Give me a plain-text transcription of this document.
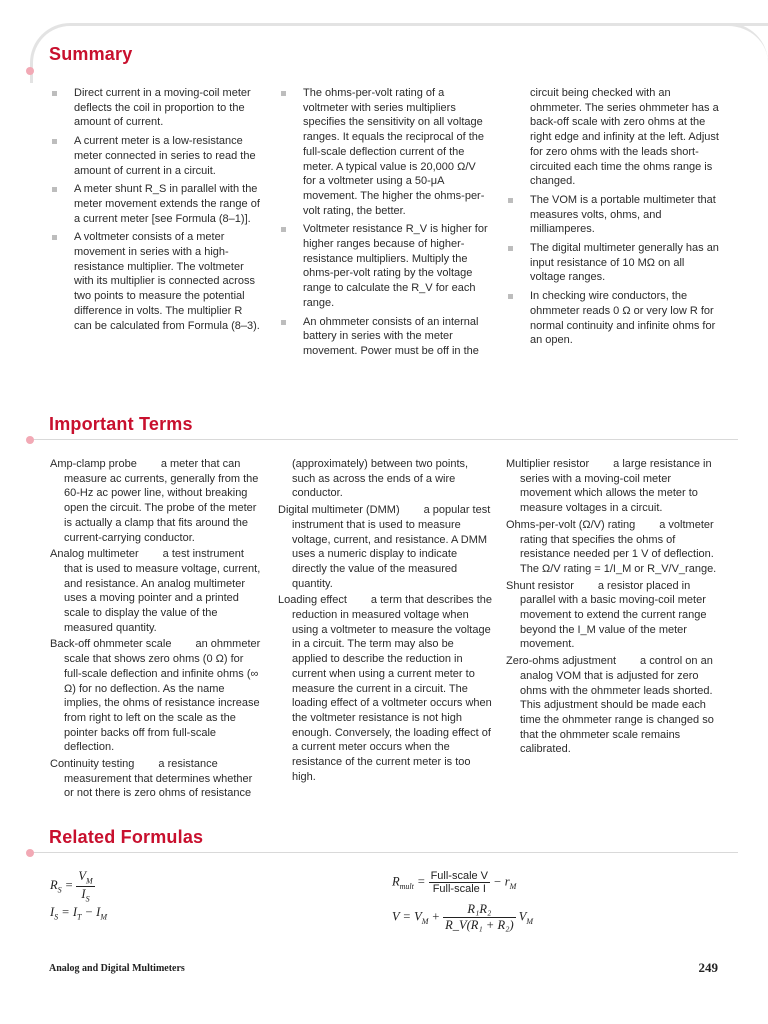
Summary
Direct current in a moving-coil meter deflects the coil in proportion to the amount of current.
A current meter is a low-resistance meter connected in series to read the amount of current in a circuit.
A meter shunt R_S in parallel with the meter movement extends the range of a current meter [see Formula (8–1)].
A voltmeter consists of a meter movement in series with a high-resistance multiplier. The voltmeter with its multiplier is connected across two points to measure the potential difference in volts. The multiplier R can be calculated from Formula (8–3).
The ohms-per-volt rating of a voltmeter with series multipliers specifies the sensitivity on all voltage ranges. It equals the reciprocal of the full-scale deflection current of the meter. A typical value is 20,000 Ω/V for a voltmeter using a 50-μA movement. The higher the ohms-per-volt rating, the better.
Voltmeter resistance R_V is higher for higher ranges because of higher-resistance multipliers. Multiply the ohms-per-volt rating by the voltage range to calculate the R_V for each range.
An ohmmeter consists of an internal battery in series with the meter movement. Power must be off in the
circuit being checked with an ohmmeter. The series ohmmeter has a back-off scale with zero ohms at the right edge and infinity at the left. Adjust for zero ohms with the leads short-circuited each time the ohms range is changed.
The VOM is a portable multimeter that measures volts, ohms, and milliamperes.
The digital multimeter generally has an input resistance of 10 MΩ on all voltage ranges.
In checking wire conductors, the ohmmeter reads 0 Ω or very low R for normal continuity and infinite ohms for an open.
Important Terms
Amp-clamp probe a meter that can measure ac currents, generally from the 60-Hz ac power line, without breaking open the circuit. The probe of the meter is actually a clamp that fits around the current-carrying conductor.
Analog multimeter a test instrument that is used to measure voltage, current, and resistance. An analog multimeter uses a moving pointer and a printed scale to display the value of the measured quantity.
Back-off ohmmeter scale an ohmmeter scale that shows zero ohms (0 Ω) for full-scale deflection and infinite ohms (∞ Ω) for no deflection. As the name implies, the ohms of resistance increase from right to left on the scale as the pointer backs off from full-scale deflection.
Continuity testing a resistance measurement that determines whether or not there is zero ohms of resistance
(approximately) between two points, such as across the ends of a wire conductor.
Digital multimeter (DMM) a popular test instrument that is used to measure voltage, current, and resistance. A DMM uses a numeric display to indicate directly the value of the measured quantity.
Loading effect a term that describes the reduction in measured voltage when using a voltmeter to measure the voltage in a circuit. The term may also be applied to describe the reduction in current when using a current meter to measure the current in a circuit. The loading effect of a voltmeter occurs when the voltmeter resistance is not high enough. Conversely, the loading effect of a current meter occurs when the resistance of the current meter is too high.
Multiplier resistor a large resistance in series with a moving-coil meter movement which allows the meter to measure voltages in a circuit.
Ohms-per-volt (Ω/V) rating a voltmeter rating that specifies the ohms of resistance needed per 1 V of deflection. The Ω/V rating = 1/I_M or R_V/V_range.
Shunt resistor a resistor placed in parallel with a basic moving-coil meter movement to extend the current range beyond the I_M value of the meter movement.
Zero-ohms adjustment a control on an analog VOM that is adjusted for zero ohms with the ohmmeter leads shorted. This adjustment should be made each time the ohmmeter range is changed so that the ohmmeter scale remains calibrated.
Related Formulas
$R_S = \frac{V_M}{I_S}$
$I_S = I_T - I_M$
$R_{mult} = \frac{\text{Full-scale V}}{\text{Full-scale I}} - r_M$
$V = V_M + \frac{\text{R₁R₂}}{\text{R\_V(R₁ + R₂)}} V_M$
Analog and Digital Multimeters	249
